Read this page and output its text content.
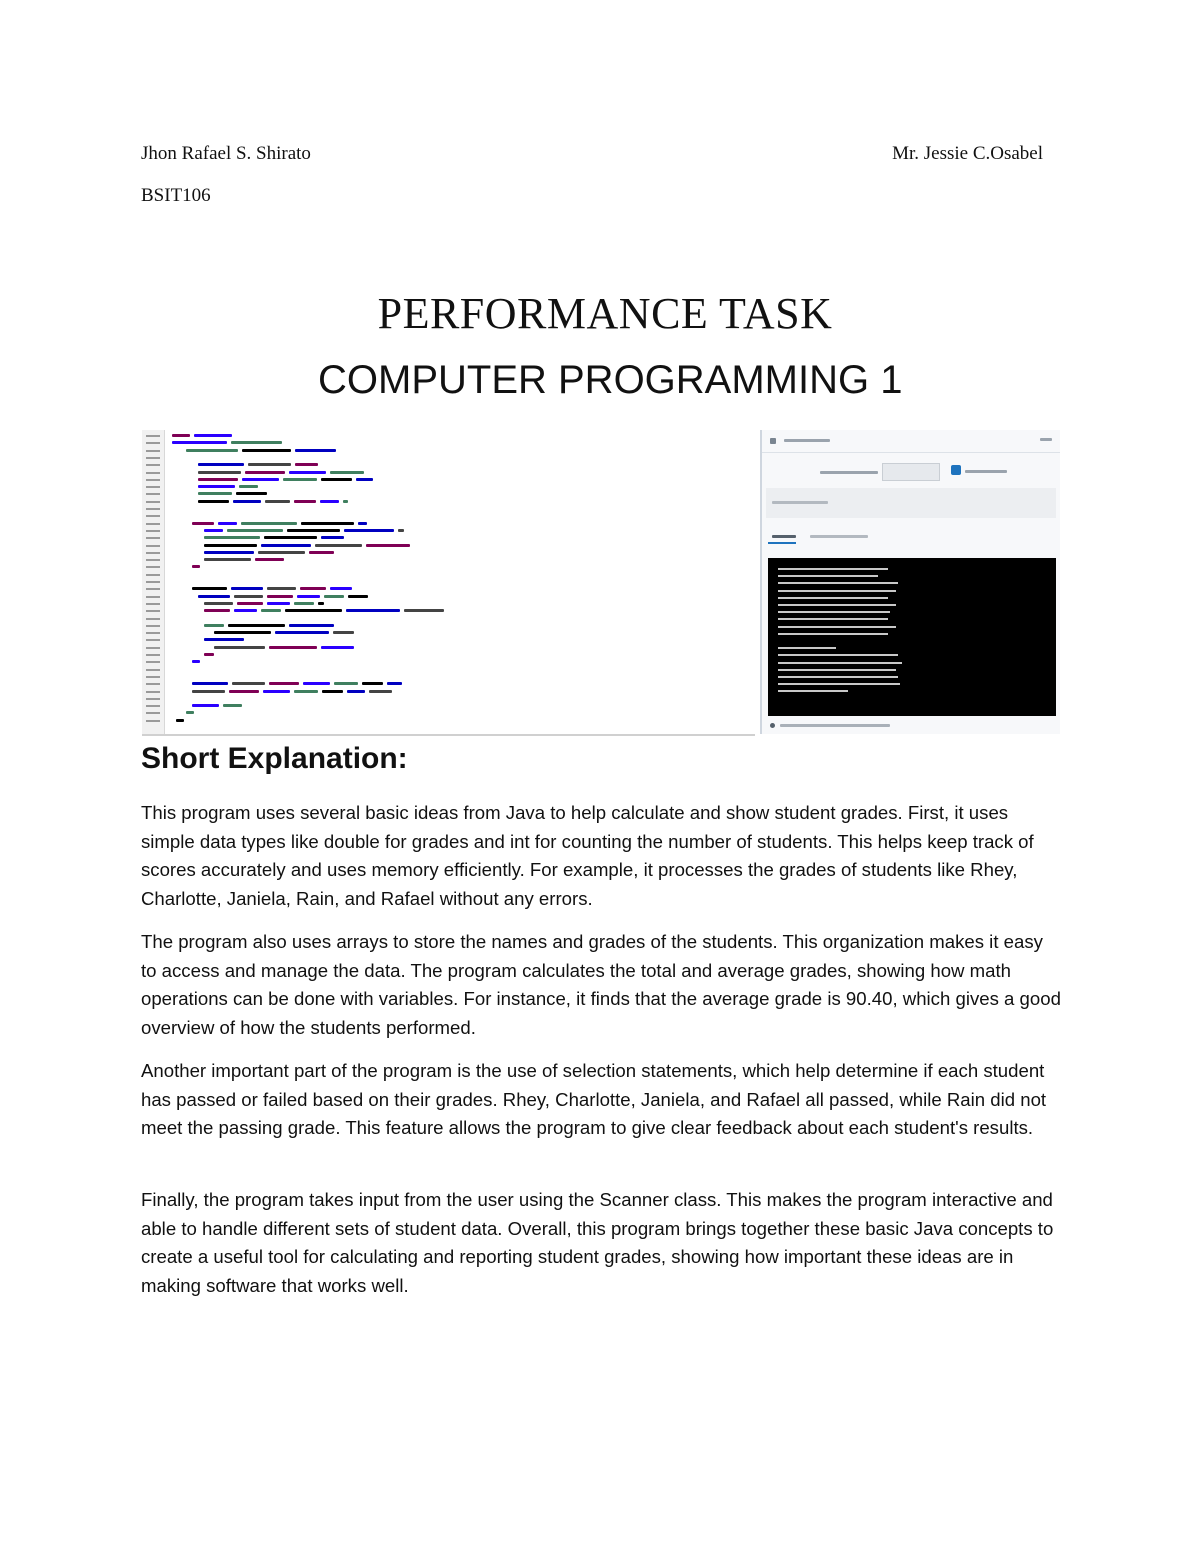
Jhon Rafael S. Shirato
BSIT106
Mr. Jessie C.Osabel
PERFORMANCE TASK
COMPUTER PROGRAMMING 1
Short Explanation:

This program uses several basic ideas from Java to help calculate and show student grades. First, it uses simple data types like double for grades and int for counting the number of students. This helps keep track of scores accurately and uses memory efficiently. For example, it processes the grades of students like Rhey, Charlotte, Janiela, Rain, and Rafael without any errors.

The program also uses arrays to store the names and grades of the students. This organization makes it easy to access and manage the data. The program calculates the total and average grades, showing how math operations can be done with variables. For instance, it finds that the average grade is 90.40, which gives a good overview of how the students performed.

Another important part of the program is the use of selection statements, which help determine if each student has passed or failed based on their grades. Rhey, Charlotte, Janiela, and Rafael all passed, while Rain did not meet the passing grade. This feature allows the program to give clear feedback about each student's results.

Finally, the program takes input from the user using the Scanner class. This makes the program interactive and able to handle different sets of student data. Overall, this program brings together these basic Java concepts to create a useful tool for calculating and reporting student grades, showing how important these ideas are in making software that works well.
